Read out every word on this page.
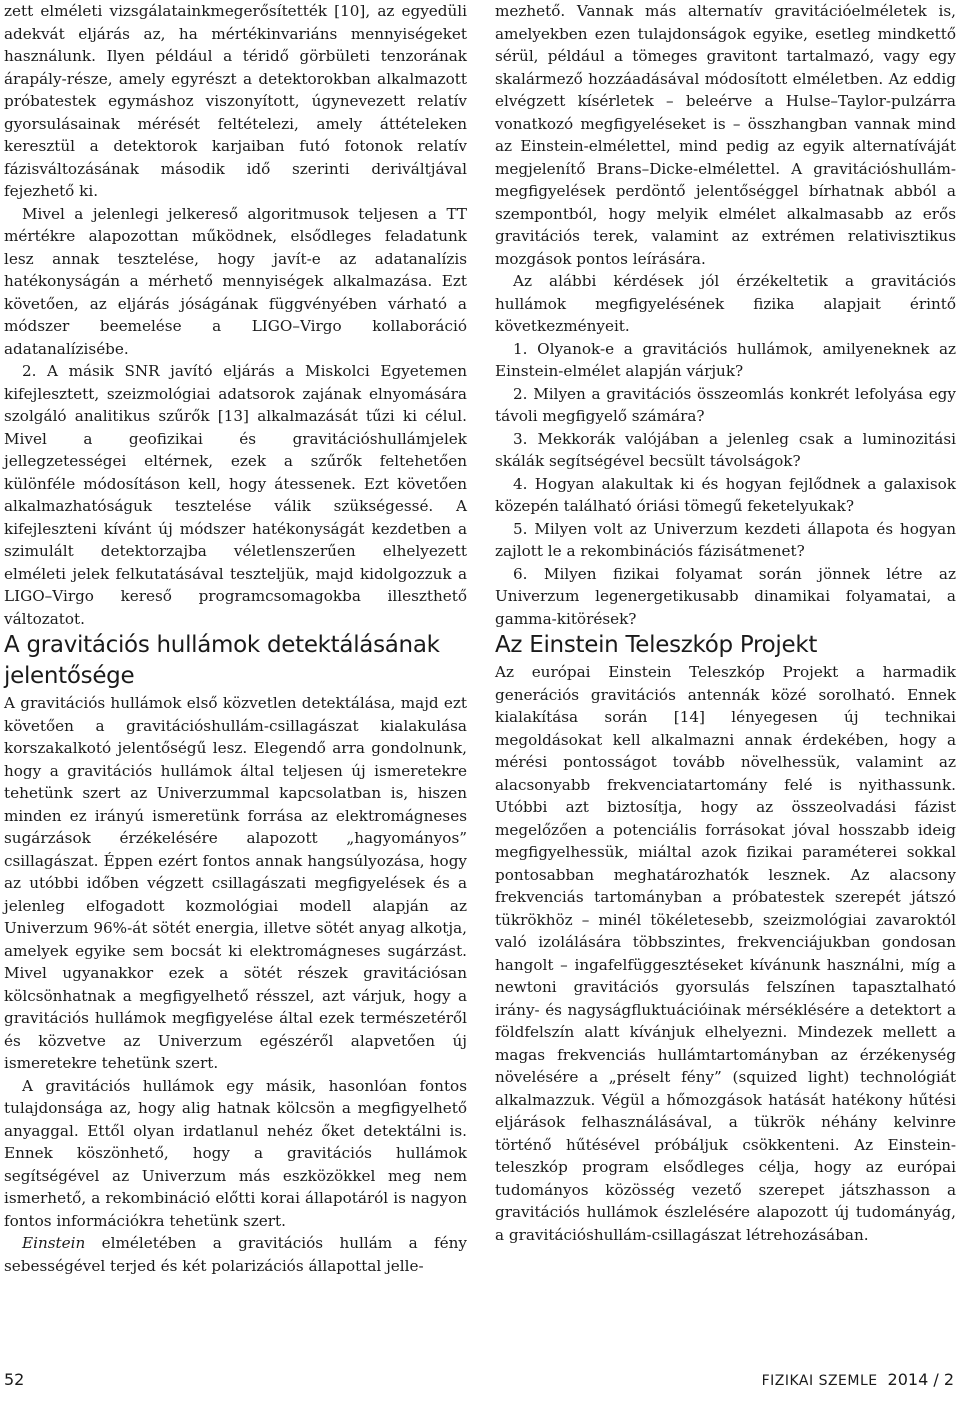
zett elméleti vizsgálatainkmegerősítették [10], az egyedüli adekvát eljárás az, ha mértékinvariáns mennyiségeket használunk. Ilyen például a téridő görbületi tenzorának árapály-része, amely egyrészt a detektorokban alkalmazott próbatestek egymáshoz viszonyított, úgynevezett relatív gyorsulásainak mérését feltételezi, amely áttételeken keresztül a detektorok karjaiban futó fotonok relatív fázisváltozásának második idő szerinti deriváltjával fejezhető ki.

Mivel a jelenlegi jelkereső algoritmusok teljesen a TT mértékre alapozottan működnek, elsődleges feladatunk lesz annak tesztelése, hogy javít-e az adatanalízis hatékonyságán a mérhető mennyiségek alkalmazása. Ezt követően, az eljárás jóságának függvényében várható a módszer beemelése a LIGO–Virgo kollaboráció adatanalízisébe.

2. A másik SNR javító eljárás a Miskolci Egyetemen kifejlesztett, szeizmológiai adatsorok zajának elnyomására szolgáló analitikus szűrők [13] alkalmazását tűzi ki célul. Mivel a geofizikai és gravitációshullámjelek jellegzetességei eltérnek, ezek a szűrők feltehetően különféle módosításon kell, hogy átessenek. Ezt követően alkalmazhatóságuk tesztelése válik szükségessé. A kifejleszteni kívánt új módszer hatékonyságát kezdetben a szimulált detektorzajba véletlenszerűen elhelyezett elméleti jelek felkutatásával teszteljük, majd kidolgozzuk a LIGO–Virgo kereső programcsomagokba illeszthető változatot.

A gravitációs hullámok detektálásának jelentősége

A gravitációs hullámok első közvetlen detektálása, majd ezt követően a gravitációshullám-csillagászat kialakulása korszakalkotó jelentőségű lesz. Elegendő arra gondolnunk, hogy a gravitációs hullámok által teljesen új ismeretekre tehetünk szert az Univerzummal kapcsolatban is, hiszen minden ez irányú ismeretünk forrása az elektromágneses sugárzások érzékelésére alapozott „hagyományos” csillagászat. Éppen ezért fontos annak hangsúlyozása, hogy az utóbbi időben végzett csillagászati megfigyelések és a jelenleg elfogadott kozmológiai modell alapján az Univerzum 96%-át sötét energia, illetve sötét anyag alkotja, amelyek egyike sem bocsát ki elektromágneses sugárzást. Mivel ugyanakkor ezek a sötét részek gravitációsan kölcsönhatnak a megfigyelhető résszel, azt várjuk, hogy a gravitációs hullámok megfigyelése által ezek természetéről és közvetve az Univerzum egészéről alapvetően új ismeretekre tehetünk szert.

A gravitációs hullámok egy másik, hasonlóan fontos tulajdonsága az, hogy alig hatnak kölcsön a megfigyelhető anyaggal. Ettől olyan irdatlanul nehéz őket detektálni is. Ennek köszönhető, hogy a gravitációs hullámok segítségével az Univerzum más eszközökkel meg nem ismerhető, a rekombináció előtti korai állapotáról is nagyon fontos információkra tehetünk szert.

Einstein elméletében a gravitációs hullám a fény sebességével terjed és két polarizációs állapottal jelle-

mezhető. Vannak más alternatív gravitációelméletek is, amelyekben ezen tulajdonságok egyike, esetleg mindkettő sérül, például a tömeges gravitont tartalmazó, vagy egy skalármező hozzáadásával módosított elméletben. Az eddig elvégzett kísérletek – beleérve a Hulse–Taylor-pulzárra vonatkozó megfigyeléseket is – összhangban vannak mind az Einstein-elmélettel, mind pedig az egyik alternatíváját megjelenítő Brans–Dicke-elmélettel. A gravitációshullám-megfigyelések perdöntő jelentőséggel bírhatnak abból a szempontból, hogy melyik elmélet alkalmasabb az erős gravitációs terek, valamint az extrémen relativisztikus mozgások pontos leírására.

Az alábbi kérdések jól érzékeltetik a gravitációs hullámok megfigyelésének fizika alapjait érintő következményeit.

1. Olyanok-e a gravitációs hullámok, amilyeneknek az Einstein-elmélet alapján várjuk?

2. Milyen a gravitációs összeomlás konkrét lefolyása egy távoli megfigyelő számára?

3. Mekkorák valójában a jelenleg csak a luminozitási skálák segítségével becsült távolságok?

4. Hogyan alakultak ki és hogyan fejlődnek a galaxisok közepén található óriási tömegű feketelyukak?

5. Milyen volt az Univerzum kezdeti állapota és hogyan zajlott le a rekombinációs fázisátmenet?

6. Milyen fizikai folyamat során jönnek létre az Univerzum legenergetikusabb dinamikai folyamatai, a gamma-kitörések?

Az Einstein Teleszkóp Projekt

Az európai Einstein Teleszkóp Projekt a harmadik generációs gravitációs antennák közé sorolható. Ennek kialakítása során [14] lényegesen új technikai megoldásokat kell alkalmazni annak érdekében, hogy a mérési pontosságot tovább növelhessük, valamint az alacsonyabb frekvenciatartomány felé is nyithassunk. Utóbbi azt biztosítja, hogy az összeolvadási fázist megelőzően a potenciális forrásokat jóval hosszabb ideig megfigyelhessük, miáltal azok fizikai paraméterei sokkal pontosabban meghatározhatók lesznek. Az alacsony frekvenciás tartományban a próbatestek szerepét játszó tükrökhöz – minél tökéletesebb, szeizmológiai zavaroktól való izolálására többszintes, frekvenciájukban gondosan hangolt – ingafelfüggesztéseket kívánunk használni, míg a newtoni gravitációs gyorsulás felszínen tapasztalható irány- és nagyságfluktuációinak mérséklésére a detektort a földfelszín alatt kívánjuk elhelyezni. Mindezek mellett a magas frekvenciás hullámtartományban az érzékenység növelésére a „préselt fény” (squized light) technológiát alkalmazzuk. Végül a hőmozgások hatását hatékony hűtési eljárások felhasználásával, a tükrök néhány kelvinre történő hűtésével próbáljuk csökkenteni. Az Einstein-teleszkóp program elsődleges célja, hogy az európai tudományos közösség vezető szerepet játszhasson a gravitációs hullámok észlelésére alapozott új tudományág, a gravitációshullám-csillagászat létrehozásában.

52	FIZIKAI SZEMLE 2014 / 2
